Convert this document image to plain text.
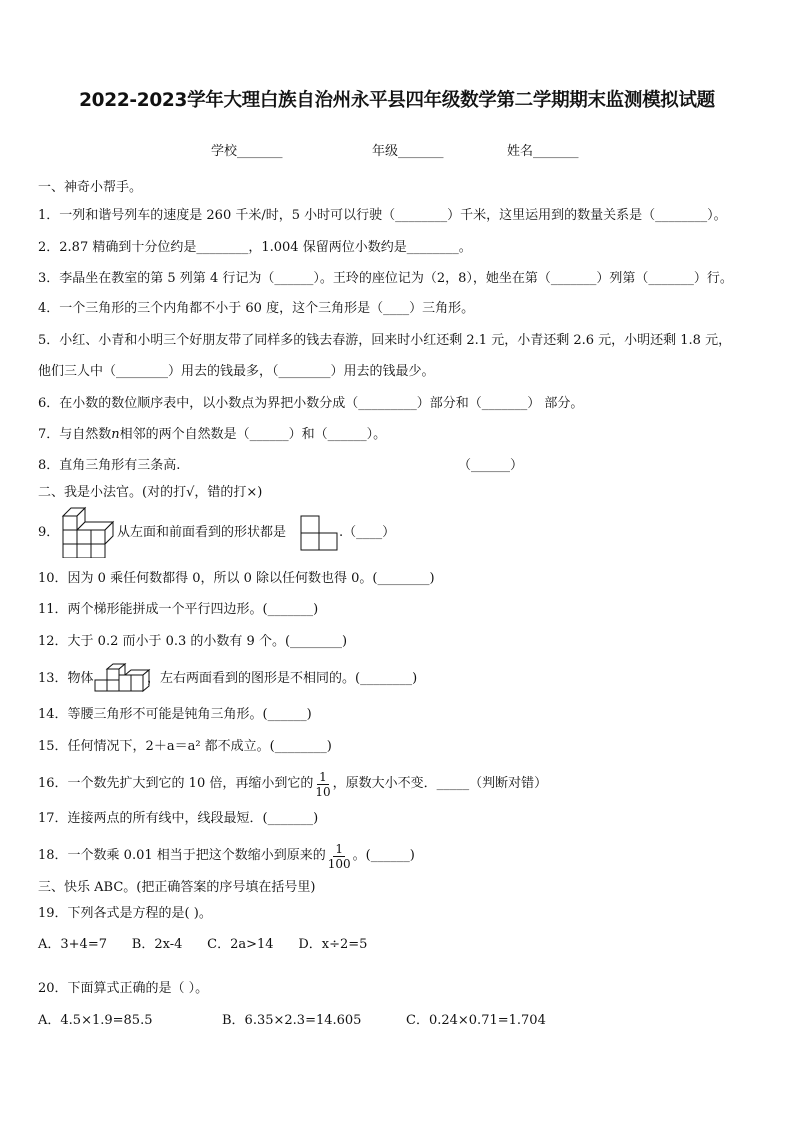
2022-2023学年大理白族自治州永平县四年级数学第二学期期末监测模拟试题
学校_______	年级_______	姓名_______
一、神奇小帮手。
1．一列和谐号列车的速度是 260 千米/时，5 小时可以行驶（________）千米，这里运用到的数量关系是（________）。
2．2.87 精确到十分位约是________，1.004 保留两位小数约是________。
3．李晶坐在教室的第 5 列第 4 行记为（______）。王玲的座位记为（2，8），她坐在第（_______）列第（_______）行。
4．一个三角形的三个内角都不小于 60 度，这个三角形是（____）三角形。
5．小红、小青和小明三个好朋友带了同样多的钱去春游，回来时小红还剩 2.1 元，小青还剩 2.6 元，小明还剩 1.8 元，
他们三人中（________）用去的钱最多，（________）用去的钱最少。
6．在小数的数位顺序表中，以小数点为界把小数分成（_________）部分和（_______） 部分。
7．与自然数n相邻的两个自然数是（______）和（______）。
8．直角三角形有三条高.	（______）
二、我是小法官。(对的打√，错的打×)
9．	从左面和前面看到的形状都是	.（____）
10．因为 0 乘任何数都得 0，所以 0 除以任何数也得 0。(________)
11．两个梯形能拼成一个平行四边形。(_______)
12．大于 0.2 而小于 0.3 的小数有 9 个。(________)
13．物体	，左右两面看到的图形是不相同的。(________)
14．等腰三角形不可能是钝角三角形。(______)
15．任何情况下，2＋a＝a² 都不成立。(________)
16．一个数先扩大到它的 10 倍，再缩小到它的 $\frac{1}{10}$ ，原数大小不变．_____（判断对错）
17．连接两点的所有线中，线段最短．(_______)
18．一个数乘 0.01 相当于把这个数缩小到原来的 $\frac{1}{100}$ 。(______)
三、快乐 ABC。(把正确答案的序号填在括号里)
19．下列各式是方程的是( )。
A．3+4=7      B．2x-4      C．2a>14      D．x÷2=5
20．下面算式正确的是（ ）。
A．4.5×1.9=85.5	B．6.35×2.3=14.605	C．0.24×0.71=1.704
